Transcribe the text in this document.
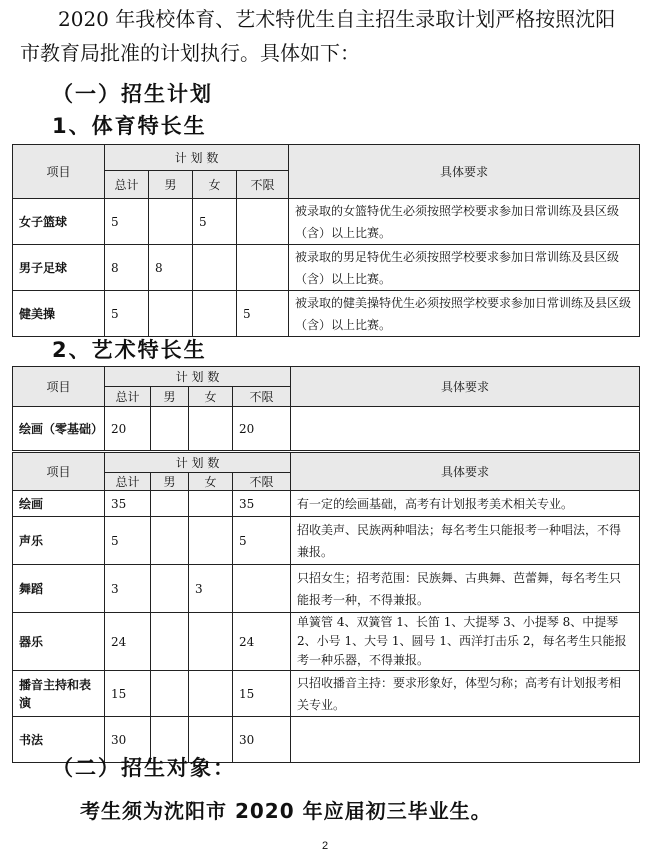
2020 年我校体育、艺术特优生自主招生录取计划严格按照沈阳市教育局批准的计划执行。具体如下：

（一）招生计划

1、体育特长生

项目	计 划 数				具体要求
	总计	男	女	不限	
女子篮球	5		5		被录取的女篮特优生必须按照学校要求参加日常训练及县区级（含）以上比赛。
男子足球	8	8			被录取的男足特优生必须按照学校要求参加日常训练及县区级（含）以上比赛。
健美操	5			5	被录取的健美操特优生必须按照学校要求参加日常训练及县区级（含）以上比赛。

2、艺术特长生

项目	计 划 数				具体要求
	总计	男	女	不限	
绘画（零基础）	20			20	
项目	计 划 数				具体要求
	总计	男	女	不限	
绘画	35			35	有一定的绘画基础，高考有计划报考美术相关专业。
声乐	5			5	招收美声、民族两种唱法；每名考生只能报考一种唱法，不得兼报。
舞蹈	3		3		只招女生；招考范围：民族舞、古典舞、芭蕾舞，每名考生只能报考一种，不得兼报。
器乐	24			24	单簧管 4、双簧管 1、长笛 1、大提琴 3、小提琴 8、中提琴 2、小号 1、大号 1、圆号 1、西洋打击乐 2，每名考生只能报考一种乐器，不得兼报。
播音主持和表演	15			15	只招收播音主持：要求形象好，体型匀称；高考有计划报考相关专业。
书法	30			30	

（二）招生对象：

考生须为沈阳市 2020 年应届初三毕业生。

2
